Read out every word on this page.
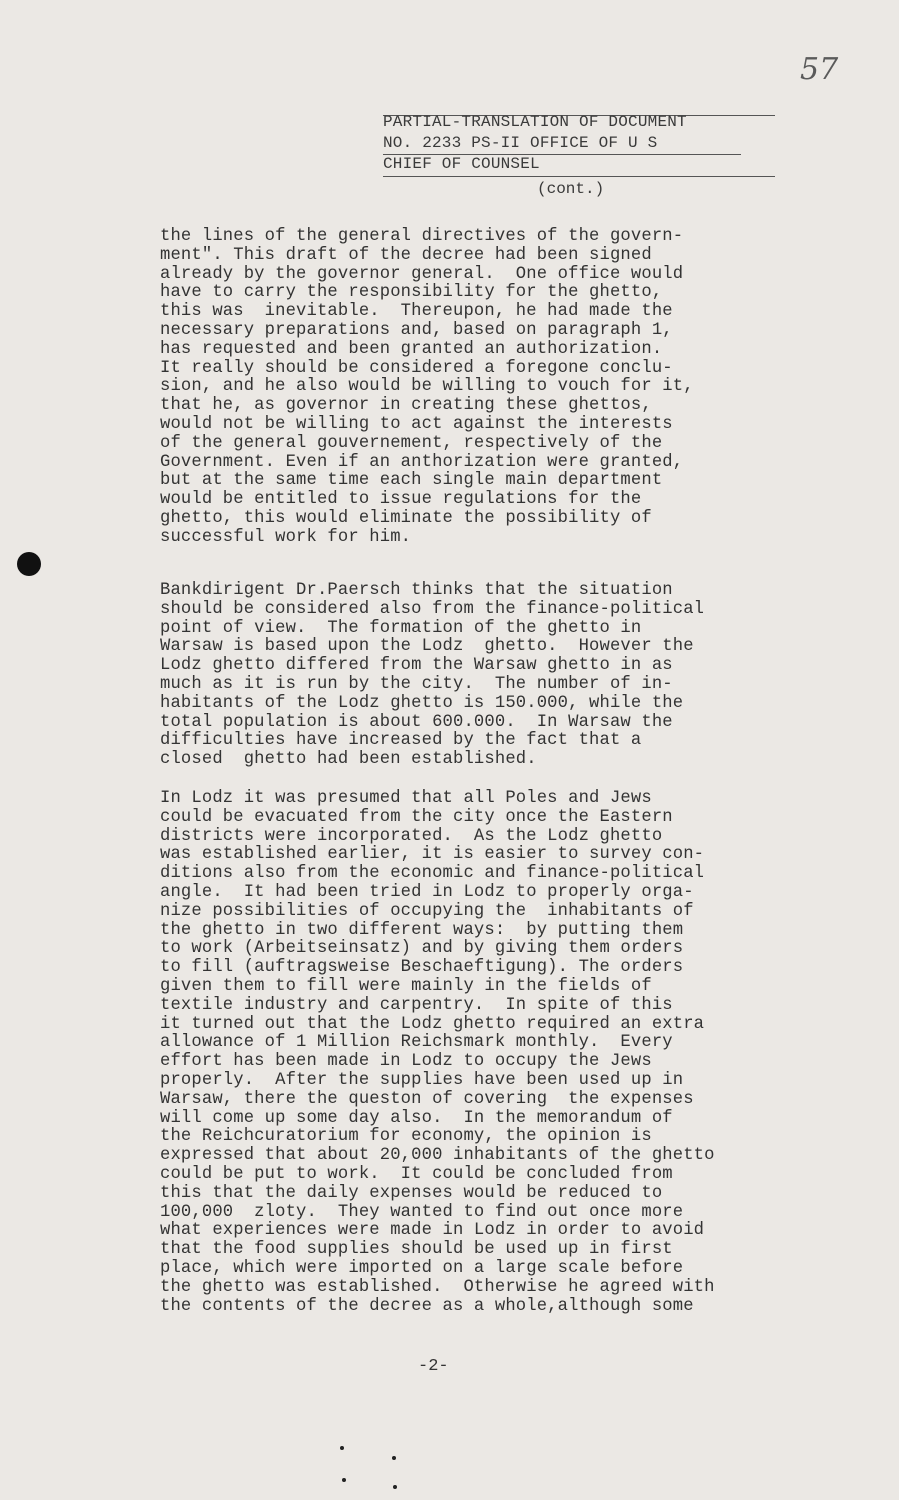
57
PARTIAL-TRANSLATION OF DOCUMENT
NO. 2233 PS-II OFFICE OF U S
CHIEF OF COUNSEL
(cont.)
the lines of the general directives of the govern-
ment". This draft of the decree had been signed
already by the governor general.  One office would
have to carry the responsibility for the ghetto,
this was  inevitable.  Thereupon, he had made the
necessary preparations and, based on paragraph 1,
has requested and been granted an authorization.
It really should be considered a foregone conclu-
sion, and he also would be willing to vouch for it,
that he, as governor in creating these ghettos,
would not be willing to act against the interests
of the general gouvernement, respectively of the
Government. Even if an anthorization were granted,
but at the same time each single main department
would be entitled to issue regulations for the
ghetto, this would eliminate the possibility of
successful work for him.
Bankdirigent Dr.Paersch thinks that the situation
should be considered also from the finance-political
point of view.  The formation of the ghetto in
Warsaw is based upon the Lodz  ghetto.  However the
Lodz ghetto differed from the Warsaw ghetto in as
much as it is run by the city.  The number of in-
habitants of the Lodz ghetto is 150.000, while the
total population is about 600.000.  In Warsaw the
difficulties have increased by the fact that a
closed  ghetto had been established.
In Lodz it was presumed that all Poles and Jews
could be evacuated from the city once the Eastern
districts were incorporated.  As the Lodz ghetto
was established earlier, it is easier to survey con-
ditions also from the economic and finance-political
angle.  It had been tried in Lodz to properly orga-
nize possibilities of occupying the  inhabitants of
the ghetto in two different ways:  by putting them
to work (Arbeitseinsatz) and by giving them orders
to fill (auftragsweise Beschaeftigung). The orders
given them to fill were mainly in the fields of
textile industry and carpentry.  In spite of this
it turned out that the Lodz ghetto required an extra
allowance of 1 Million Reichsmark monthly.  Every
effort has been made in Lodz to occupy the Jews
properly.  After the supplies have been used up in
Warsaw, there the queston of covering  the expenses
will come up some day also.  In the memorandum of
the Reichcuratorium for economy, the opinion is
expressed that about 20,000 inhabitants of the ghetto
could be put to work.  It could be concluded from
this that the daily expenses would be reduced to
100,000  zloty.  They wanted to find out once more
what experiences were made in Lodz in order to avoid
that the food supplies should be used up in first
place, which were imported on a large scale before
the ghetto was established.  Otherwise he agreed with
the contents of the decree as a whole,although some
-2-
